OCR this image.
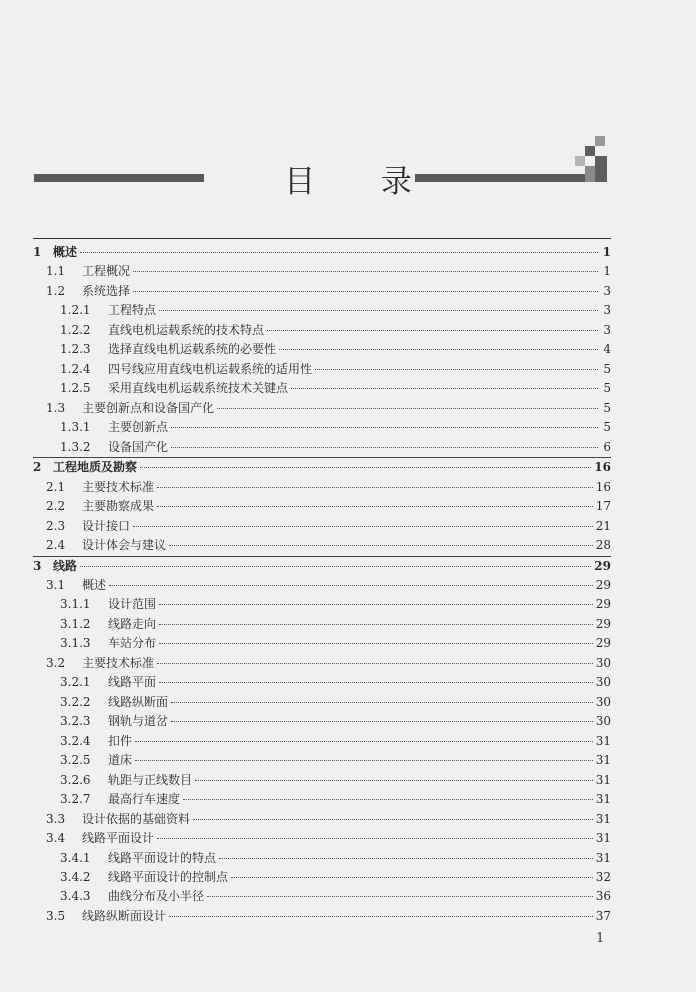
目 录
1 概述	1
1.1	工程概况	1
1.2	系统选择	3
1.2.1	工程特点	3
1.2.2	直线电机运载系统的技术特点	3
1.2.3	选择直线电机运载系统的必要性	4
1.2.4	四号线应用直线电机运载系统的适用性	5
1.2.5	采用直线电机运载系统技术关键点	5
1.3	主要创新点和设备国产化	5
1.3.1	主要创新点	5
1.3.2	设备国产化	6
2 工程地质及勘察	16
2.1	主要技术标准	16
2.2	主要勘察成果	17
2.3	设计接口	21
2.4	设计体会与建议	28
3 线路	29
3.1	概述	29
3.1.1	设计范围	29
3.1.2	线路走向	29
3.1.3	车站分布	29
3.2	主要技术标准	30
3.2.1	线路平面	30
3.2.2	线路纵断面	30
3.2.3	钢轨与道岔	30
3.2.4	扣件	31
3.2.5	道床	31
3.2.6	轨距与正线数目	31
3.2.7	最高行车速度	31
3.3	设计依据的基础资料	31
3.4	线路平面设计	31
3.4.1	线路平面设计的特点	31
3.4.2	线路平面设计的控制点	32
3.4.3	曲线分布及小半径	36
3.5	线路纵断面设计	37
1
